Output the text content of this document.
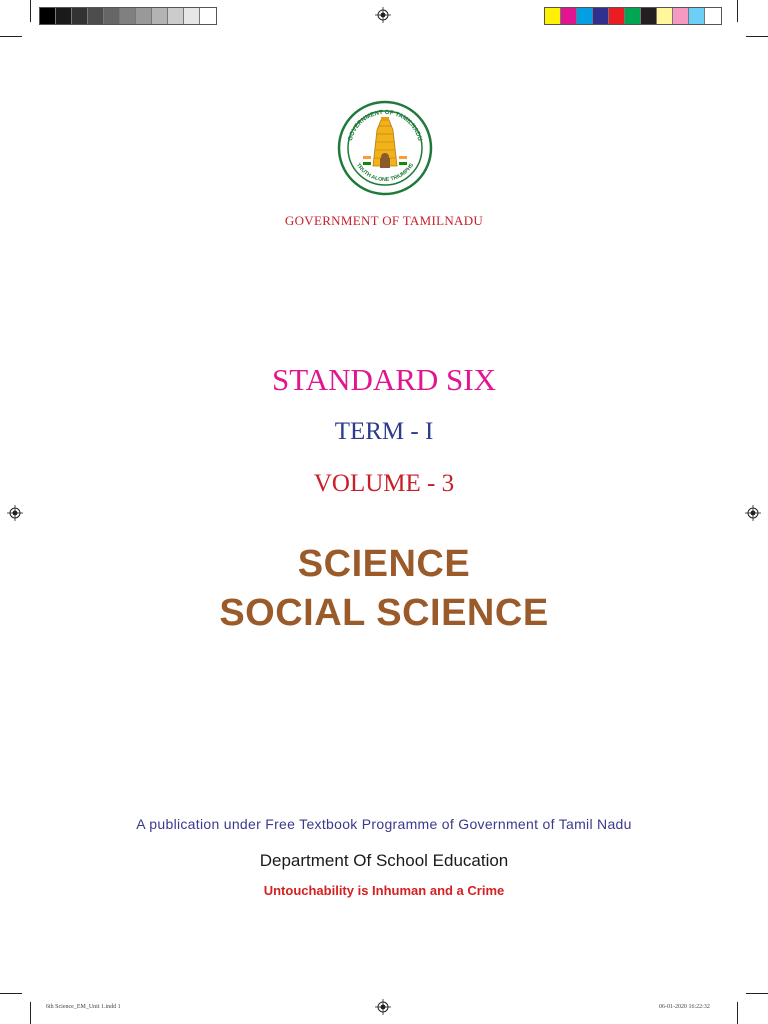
GOVERNMENT OF TAMILNADU
TRUTH ALONE TRIUMPHS
GOVERNMENT OF TAMILNADU
STANDARD SIX
TERM - I
VOLUME - 3
SCIENCE
SOCIAL SCIENCE
A publication under Free Textbook Programme of Government of Tamil Nadu
Department Of School Education
Untouchability is Inhuman and a Crime
6th Science_EM_Unit 1.indd 1	06-01-2020 16:22:32
